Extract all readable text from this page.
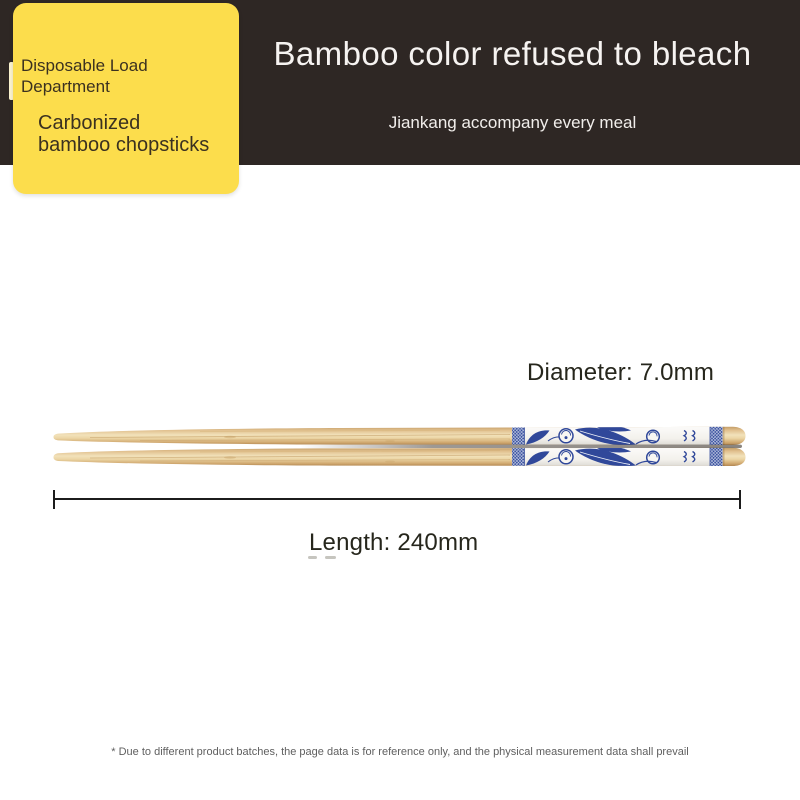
Bamboo color refused to bleach

Jiankang accompany every meal

Disposable Load
Department
Carbonized
bamboo chopsticks
Diameter: 7.0mm
Length: 240mm
* Due to different product batches, the page data is for reference only, and the physical measurement data shall prevail
